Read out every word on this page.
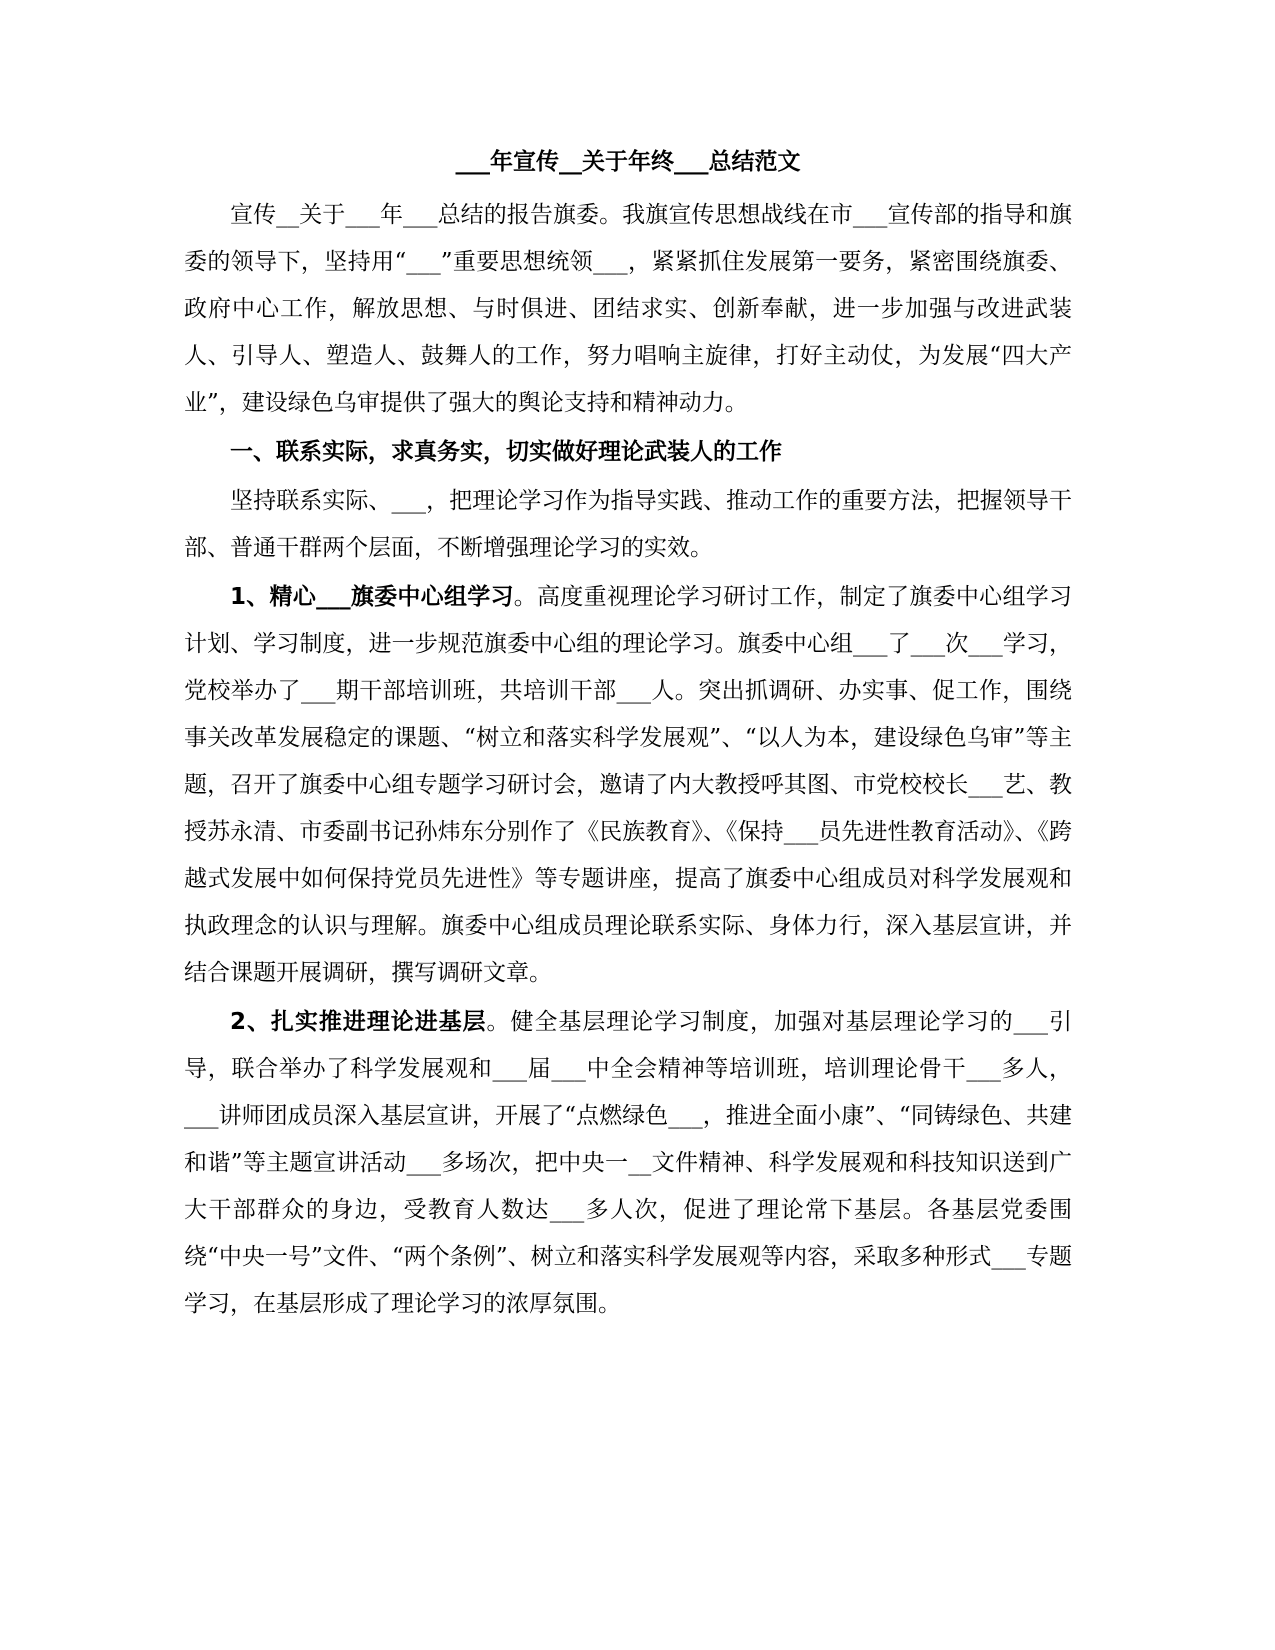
___年宣传__关于年终___总结范文

宣传__关于___年___总结的报告旗委。我旗宣传思想战线在市___宣传部的指导和旗委的领导下，坚持用“___”重要思想统领___，紧紧抓住发展第一要务，紧密围绕旗委、政府中心工作，解放思想、与时俱进、团结求实、创新奉献，进一步加强与改进武装人、引导人、塑造人、鼓舞人的工作，努力唱响主旋律，打好主动仗，为发展“四大产业”，建设绿色乌审提供了强大的舆论支持和精神动力。

一、联系实际，求真务实，切实做好理论武装人的工作

坚持联系实际、___，把理论学习作为指导实践、推动工作的重要方法，把握领导干部、普通干群两个层面，不断增强理论学习的实效。

1、精心___旗委中心组学习。高度重视理论学习研讨工作，制定了旗委中心组学习计划、学习制度，进一步规范旗委中心组的理论学习。旗委中心组___了___次___学习，党校举办了___期干部培训班，共培训干部___人。突出抓调研、办实事、促工作，围绕事关改革发展稳定的课题、“树立和落实科学发展观”、“以人为本，建设绿色乌审”等主题，召开了旗委中心组专题学习研讨会，邀请了内大教授呼其图、市党校校长___艺、教授苏永清、市委副书记孙炜东分别作了《民族教育》、《保持___员先进性教育活动》、《跨越式发展中如何保持党员先进性》等专题讲座，提高了旗委中心组成员对科学发展观和执政理念的认识与理解。旗委中心组成员理论联系实际、身体力行，深入基层宣讲，并结合课题开展调研，撰写调研文章。

2、扎实推进理论进基层。健全基层理论学习制度，加强对基层理论学习的___引导，联合举办了科学发展观和___届___中全会精神等培训班，培训理论骨干___多人，___讲师团成员深入基层宣讲，开展了“点燃绿色___，推进全面小康”、“同铸绿色、共建和谐”等主题宣讲活动___多场次，把中央一__文件精神、科学发展观和科技知识送到广大干部群众的身边，受教育人数达___多人次，促进了理论常下基层。各基层党委围绕“中央一号”文件、“两个条例”、树立和落实科学发展观等内容，采取多种形式___专题学习，在基层形成了理论学习的浓厚氛围。
